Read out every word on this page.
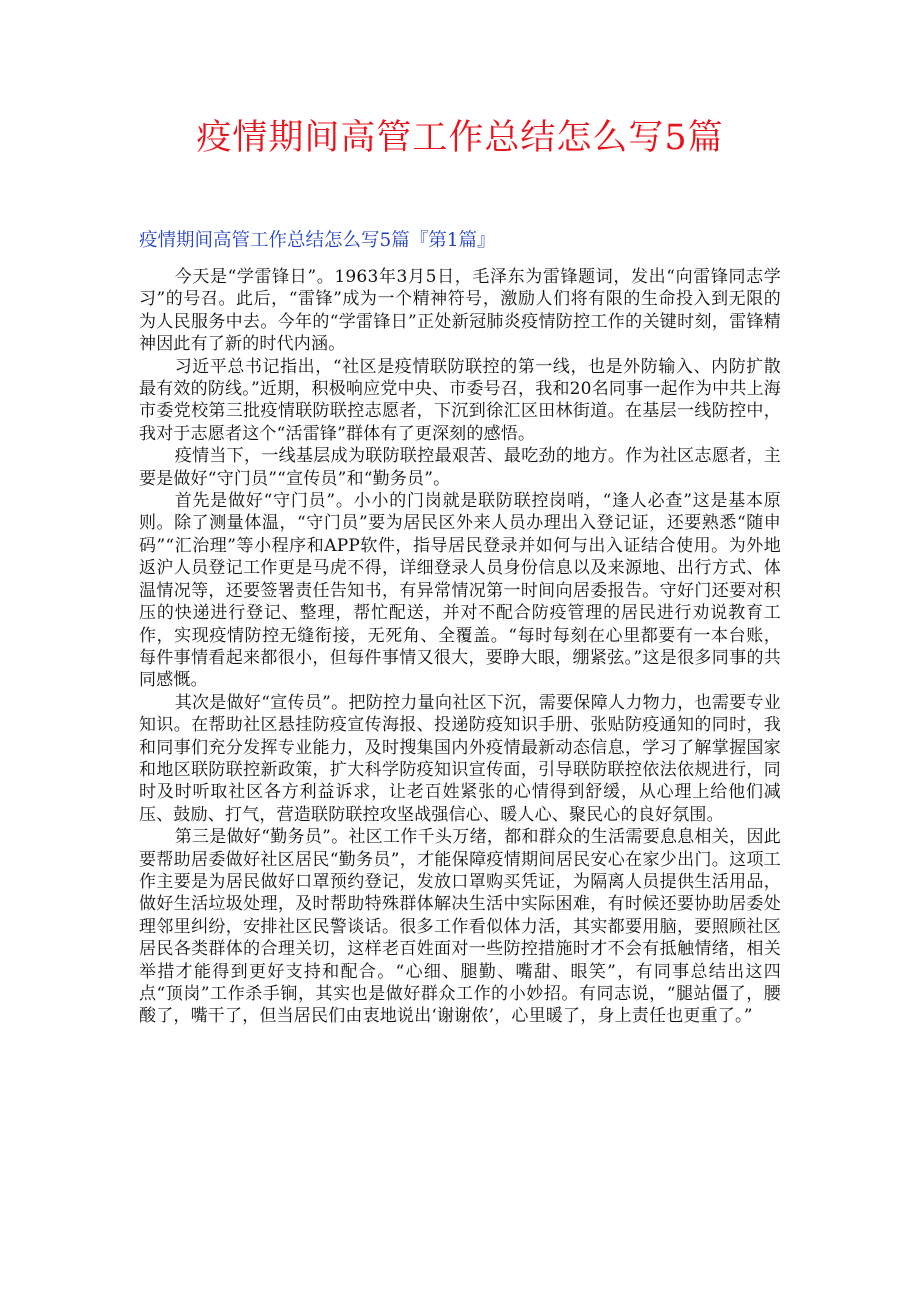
疫情期间高管工作总结怎么写5篇
疫情期间高管工作总结怎么写5篇『第1篇』

今天是“学雷锋日”。1963年3月5日，毛泽东为雷锋题词，发出“向雷锋同志学习”的号召。此后，“雷锋”成为一个精神符号，激励人们将有限的生命投入到无限的为人民服务中去。今年的“学雷锋日”正处新冠肺炎疫情防控工作的关键时刻，雷锋精神因此有了新的时代内涵。

习近平总书记指出，“社区是疫情联防联控的第一线，也是外防输入、内防扩散最有效的防线。”近期，积极响应党中央、市委号召，我和20名同事一起作为中共上海市委党校第三批疫情联防联控志愿者，下沉到徐汇区田林街道。在基层一线防控中，我对于志愿者这个“活雷锋”群体有了更深刻的感悟。

疫情当下，一线基层成为联防联控最艰苦、最吃劲的地方。作为社区志愿者，主要是做好“守门员”“宣传员”和“勤务员”。

首先是做好“守门员”。小小的门岗就是联防联控岗哨，“逢人必查”这是基本原则。除了测量体温，“守门员”要为居民区外来人员办理出入登记证，还要熟悉“随申码”“汇治理”等小程序和APP软件，指导居民登录并如何与出入证结合使用。为外地返沪人员登记工作更是马虎不得，详细登录人员身份信息以及来源地、出行方式、体温情况等，还要签署责任告知书，有异常情况第一时间向居委报告。守好门还要对积压的快递进行登记、整理，帮忙配送，并对不配合防疫管理的居民进行劝说教育工作，实现疫情防控无缝衔接，无死角、全覆盖。“每时每刻在心里都要有一本台账，每件事情看起来都很小，但每件事情又很大，要睁大眼，绷紧弦。”这是很多同事的共同感慨。

其次是做好“宣传员”。把防控力量向社区下沉，需要保障人力物力，也需要专业知识。在帮助社区悬挂防疫宣传海报、投递防疫知识手册、张贴防疫通知的同时，我和同事们充分发挥专业能力，及时搜集国内外疫情最新动态信息，学习了解掌握国家和地区联防联控新政策，扩大科学防疫知识宣传面，引导联防联控依法依规进行，同时及时听取社区各方利益诉求，让老百姓紧张的心情得到舒缓，从心理上给他们减压、鼓励、打气，营造联防联控攻坚战强信心、暖人心、聚民心的良好氛围。

第三是做好“勤务员”。社区工作千头万绪，都和群众的生活需要息息相关，因此要帮助居委做好社区居民“勤务员”，才能保障疫情期间居民安心在家少出门。这项工作主要是为居民做好口罩预约登记，发放口罩购买凭证，为隔离人员提供生活用品，做好生活垃圾处理，及时帮助特殊群体解决生活中实际困难，有时候还要协助居委处理邻里纠纷，安排社区民警谈话。很多工作看似体力活，其实都要用脑，要照顾社区居民各类群体的合理关切，这样老百姓面对一些防控措施时才不会有抵触情绪，相关举措才能得到更好支持和配合。“心细、腿勤、嘴甜、眼笑”，有同事总结出这四点“顶岗”工作杀手锏，其实也是做好群众工作的小妙招。有同志说，“腿站僵了，腰酸了，嘴干了，但当居民们由衷地说出‘谢谢侬’，心里暖了，身上责任也更重了。”
